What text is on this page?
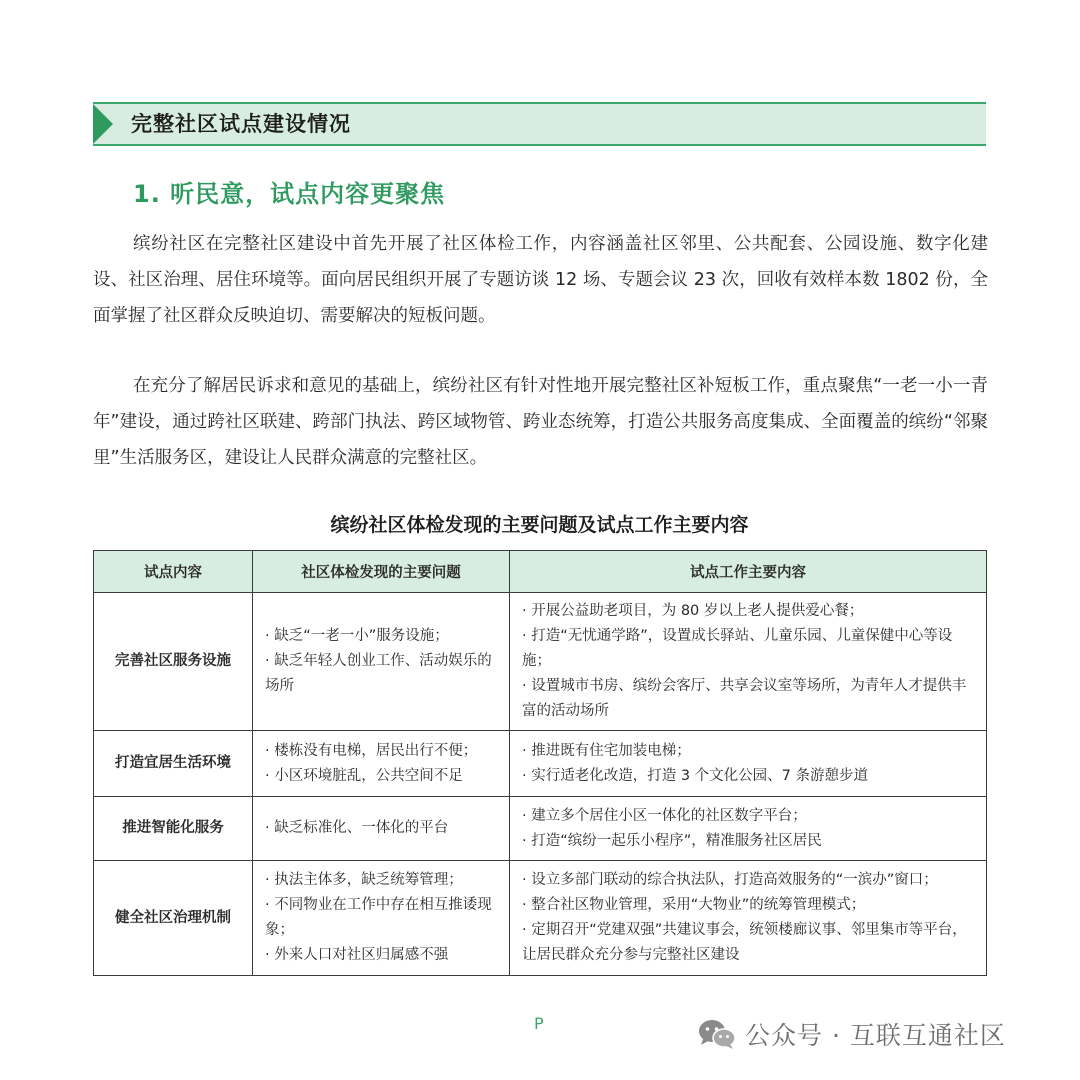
完整社区试点建设情况
1. 听民意，试点内容更聚焦

缤纷社区在完整社区建设中首先开展了社区体检工作，内容涵盖社区邻里、公共配套、公园设施、数字化建设、社区治理、居住环境等。面向居民组织开展了专题访谈 12 场、专题会议 23 次，回收有效样本数 1802 份，全面掌握了社区群众反映迫切、需要解决的短板问题。

在充分了解居民诉求和意见的基础上，缤纷社区有针对性地开展完整社区补短板工作，重点聚焦“一老一小一青年”建设，通过跨社区联建、跨部门执法、跨区域物管、跨业态统筹，打造公共服务高度集成、全面覆盖的缤纷“邻聚里”生活服务区，建设让人民群众满意的完整社区。

缤纷社区体检发现的主要问题及试点工作主要内容
试点内容	社区体检发现的主要问题	试点工作主要内容
完善社区服务设施	· 缺乏“一老一小”服务设施；
· 缺乏年轻人创业工作、活动娱乐的场所	· 开展公益助老项目，为 80 岁以上老人提供爱心餐；
· 打造“无忧通学路”，设置成长驿站、儿童乐园、儿童保健中心等设施；
· 设置城市书房、缤纷会客厅、共享会议室等场所，为青年人才提供丰富的活动场所

打造宜居生活环境	· 楼栋没有电梯，居民出行不便；
· 小区环境脏乱，公共空间不足	· 推进既有住宅加装电梯；
· 实行适老化改造，打造 3 个文化公园、7 条游憩步道

推进智能化服务	· 缺乏标准化、一体化的平台	· 建立多个居住小区一体化的社区数字平台；
· 打造“缤纷一起乐小程序”，精准服务社区居民

健全社区治理机制	· 执法主体多，缺乏统筹管理；
· 不同物业在工作中存在相互推诿现象；
· 外来人口对社区归属感不强	· 设立多部门联动的综合执法队，打造高效服务的“一滨办”窗口；
· 整合社区物业管理，采用“大物业”的统筹管理模式；
· 定期召开“党建双强”共建议事会，统领楼廊议事、邻里集市等平台，让居民群众充分参与完整社区建设
P	公众号 · 互联互通社区
